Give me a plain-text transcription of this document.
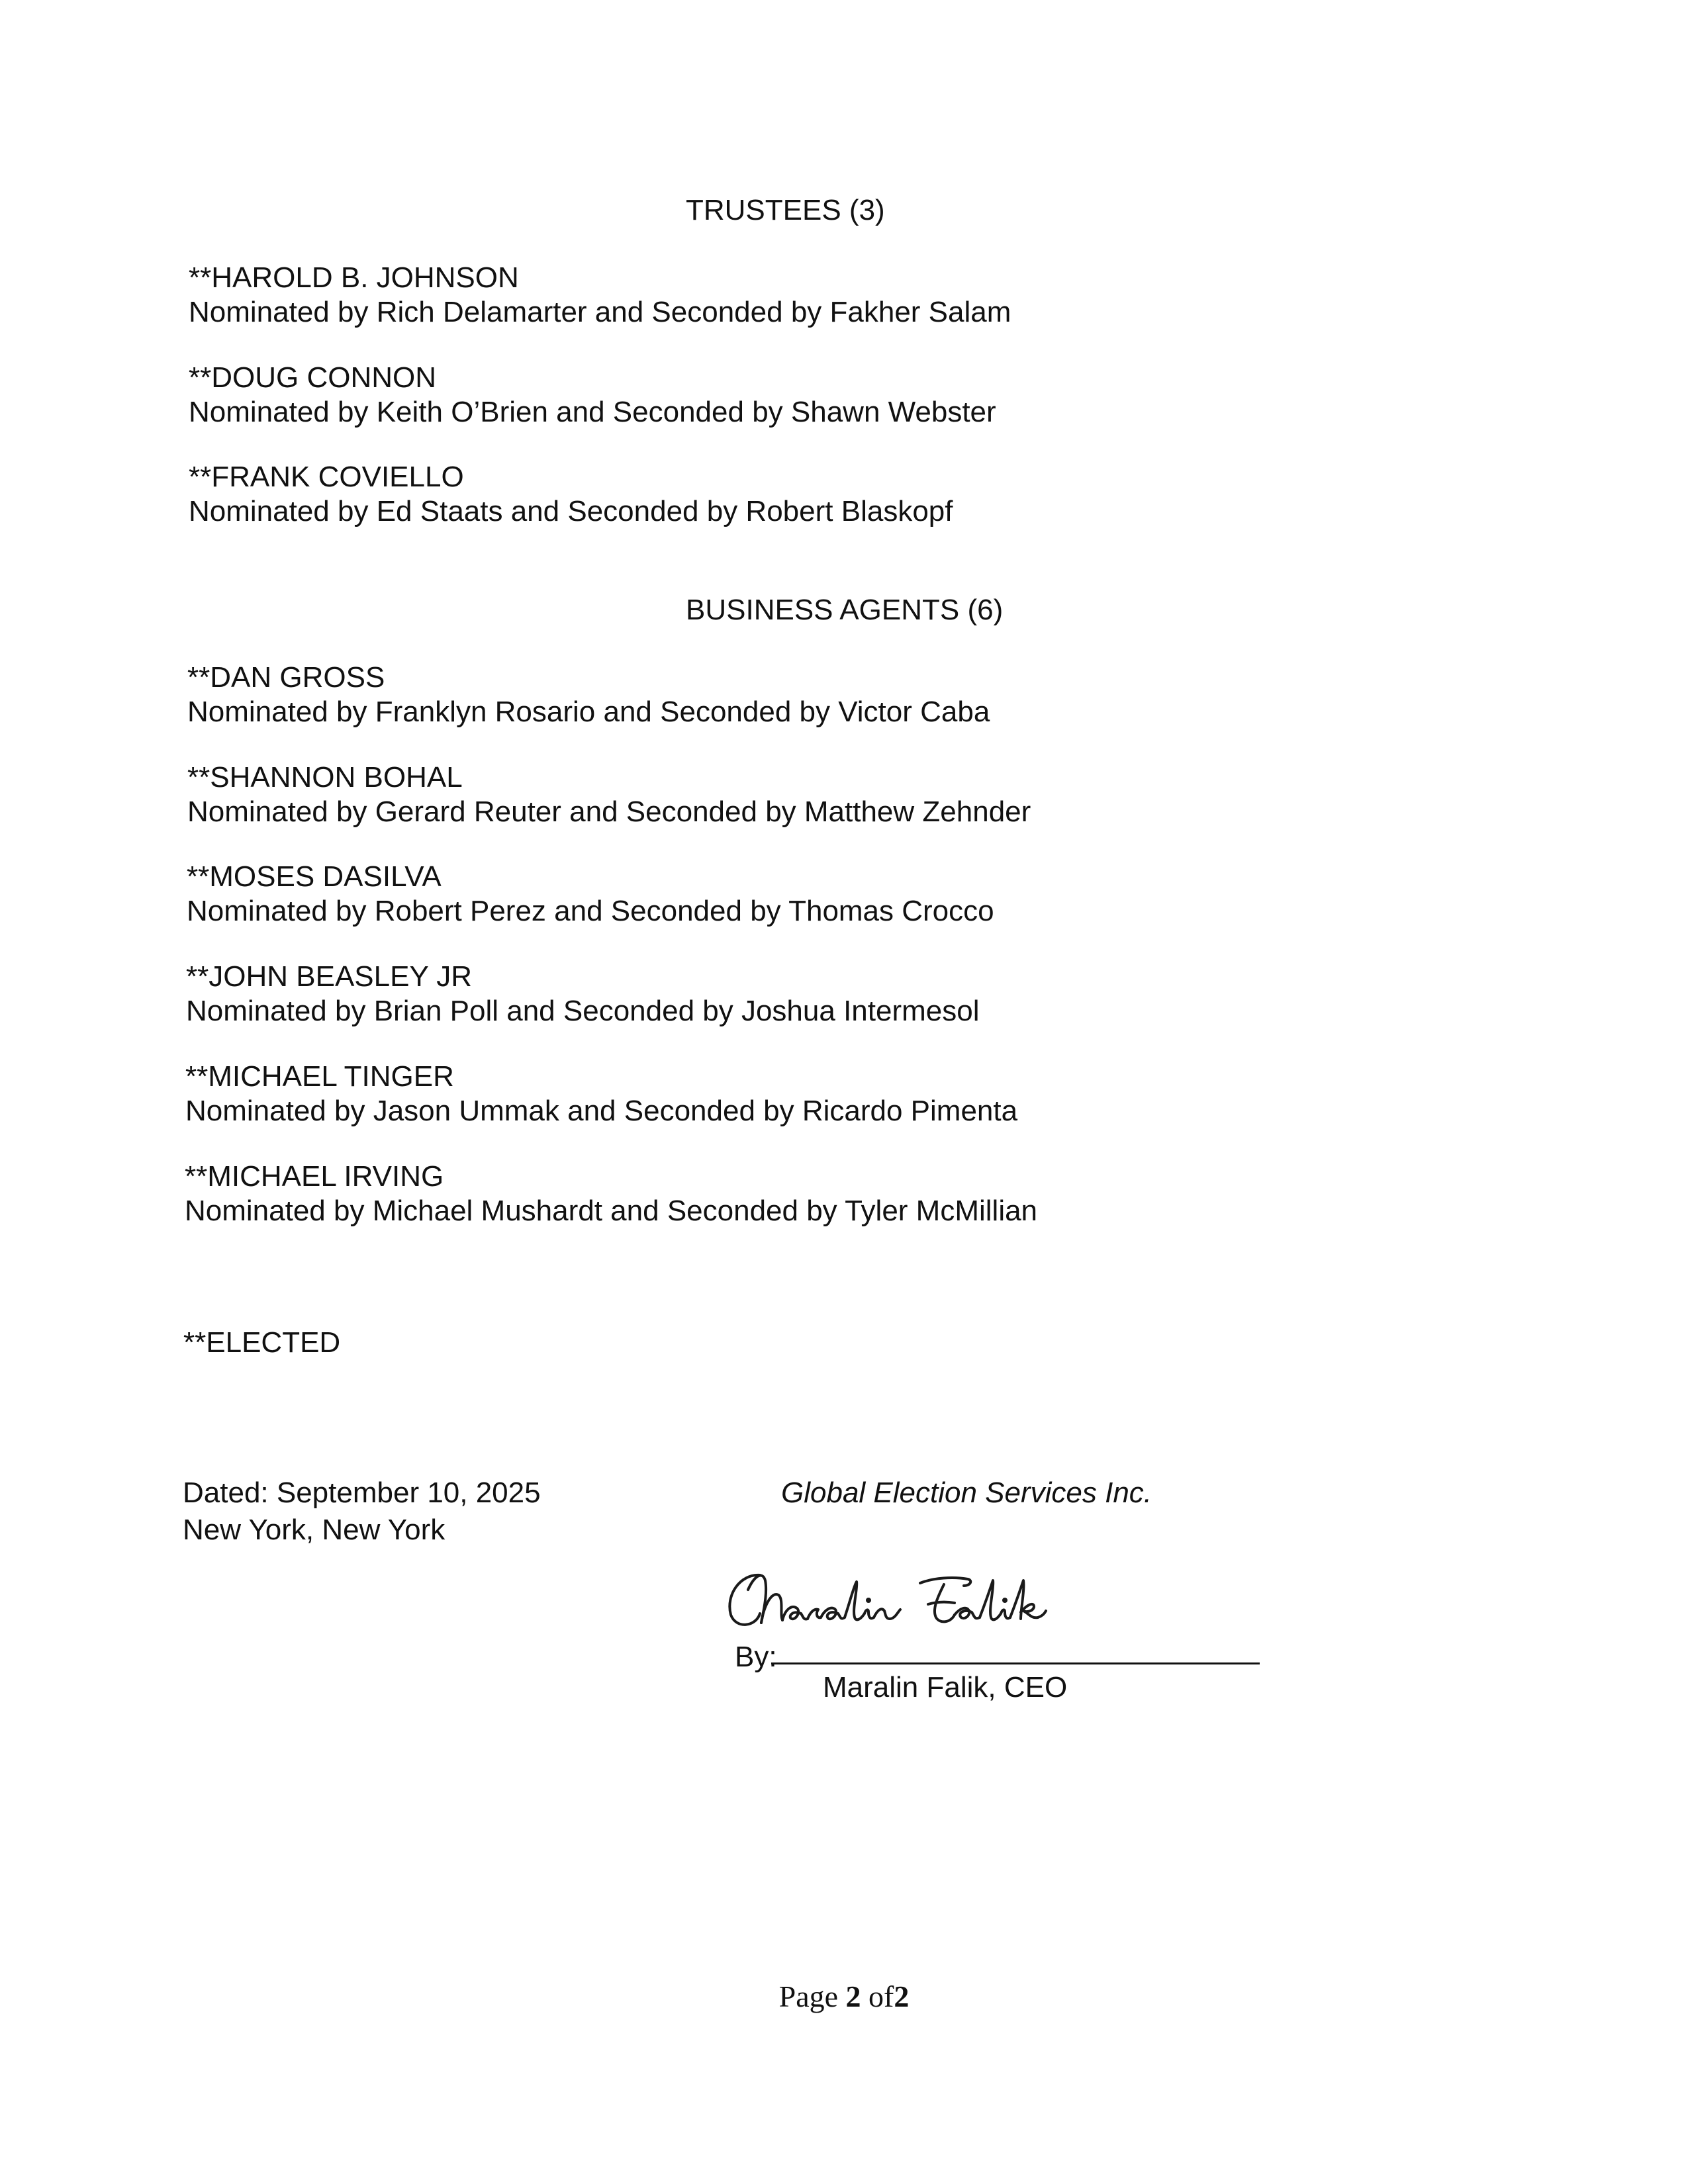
TRUSTEES (3)
**HAROLD B. JOHNSON
Nominated by Rich Delamarter and Seconded by Fakher Salam
**DOUG CONNON
Nominated by Keith O’Brien and Seconded by Shawn Webster
**FRANK COVIELLO
Nominated by Ed Staats and Seconded by Robert Blaskopf
BUSINESS AGENTS (6)
**DAN GROSS
Nominated by Franklyn Rosario and Seconded by Victor Caba
**SHANNON BOHAL
Nominated by Gerard Reuter and Seconded by Matthew Zehnder
**MOSES DASILVA
Nominated by Robert Perez and Seconded by Thomas Crocco
**JOHN BEASLEY JR
Nominated by Brian Poll and Seconded by Joshua Intermesol
**MICHAEL TINGER
Nominated by Jason Ummak and Seconded by Ricardo Pimenta
**MICHAEL IRVING
Nominated by Michael Mushardt and Seconded by Tyler McMillian
**ELECTED
Dated: September 10, 2025
New York, New York
Global Election Services Inc.
By:
Maralin Falik, CEO
Page 2 of2
